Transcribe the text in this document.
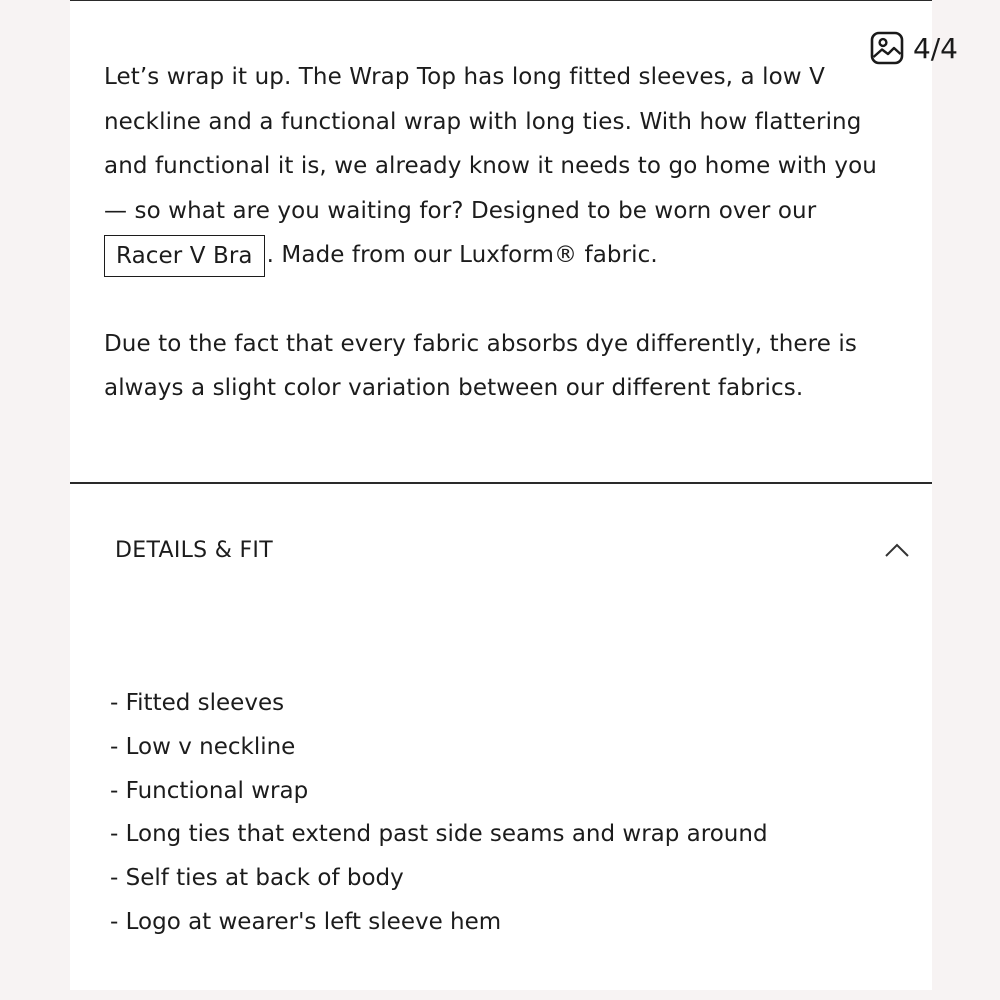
4/4

Let’s wrap it up. The Wrap Top has long fitted sleeves, a low V neckline and a functional wrap with long ties. With how flattering and functional it is, we already know it needs to go home with you — so what are you waiting for? Designed to be worn over our Racer V Bra . Made from our Luxform® fabric.

Due to the fact that every fabric absorbs dye differently, there is always a slight color variation between our different fabrics.

DETAILS & FIT
- Fitted sleeves
- Low v neckline
- Functional wrap
- Long ties that extend past side seams and wrap around
- Self ties at back of body
- Logo at wearer's left sleeve hem
